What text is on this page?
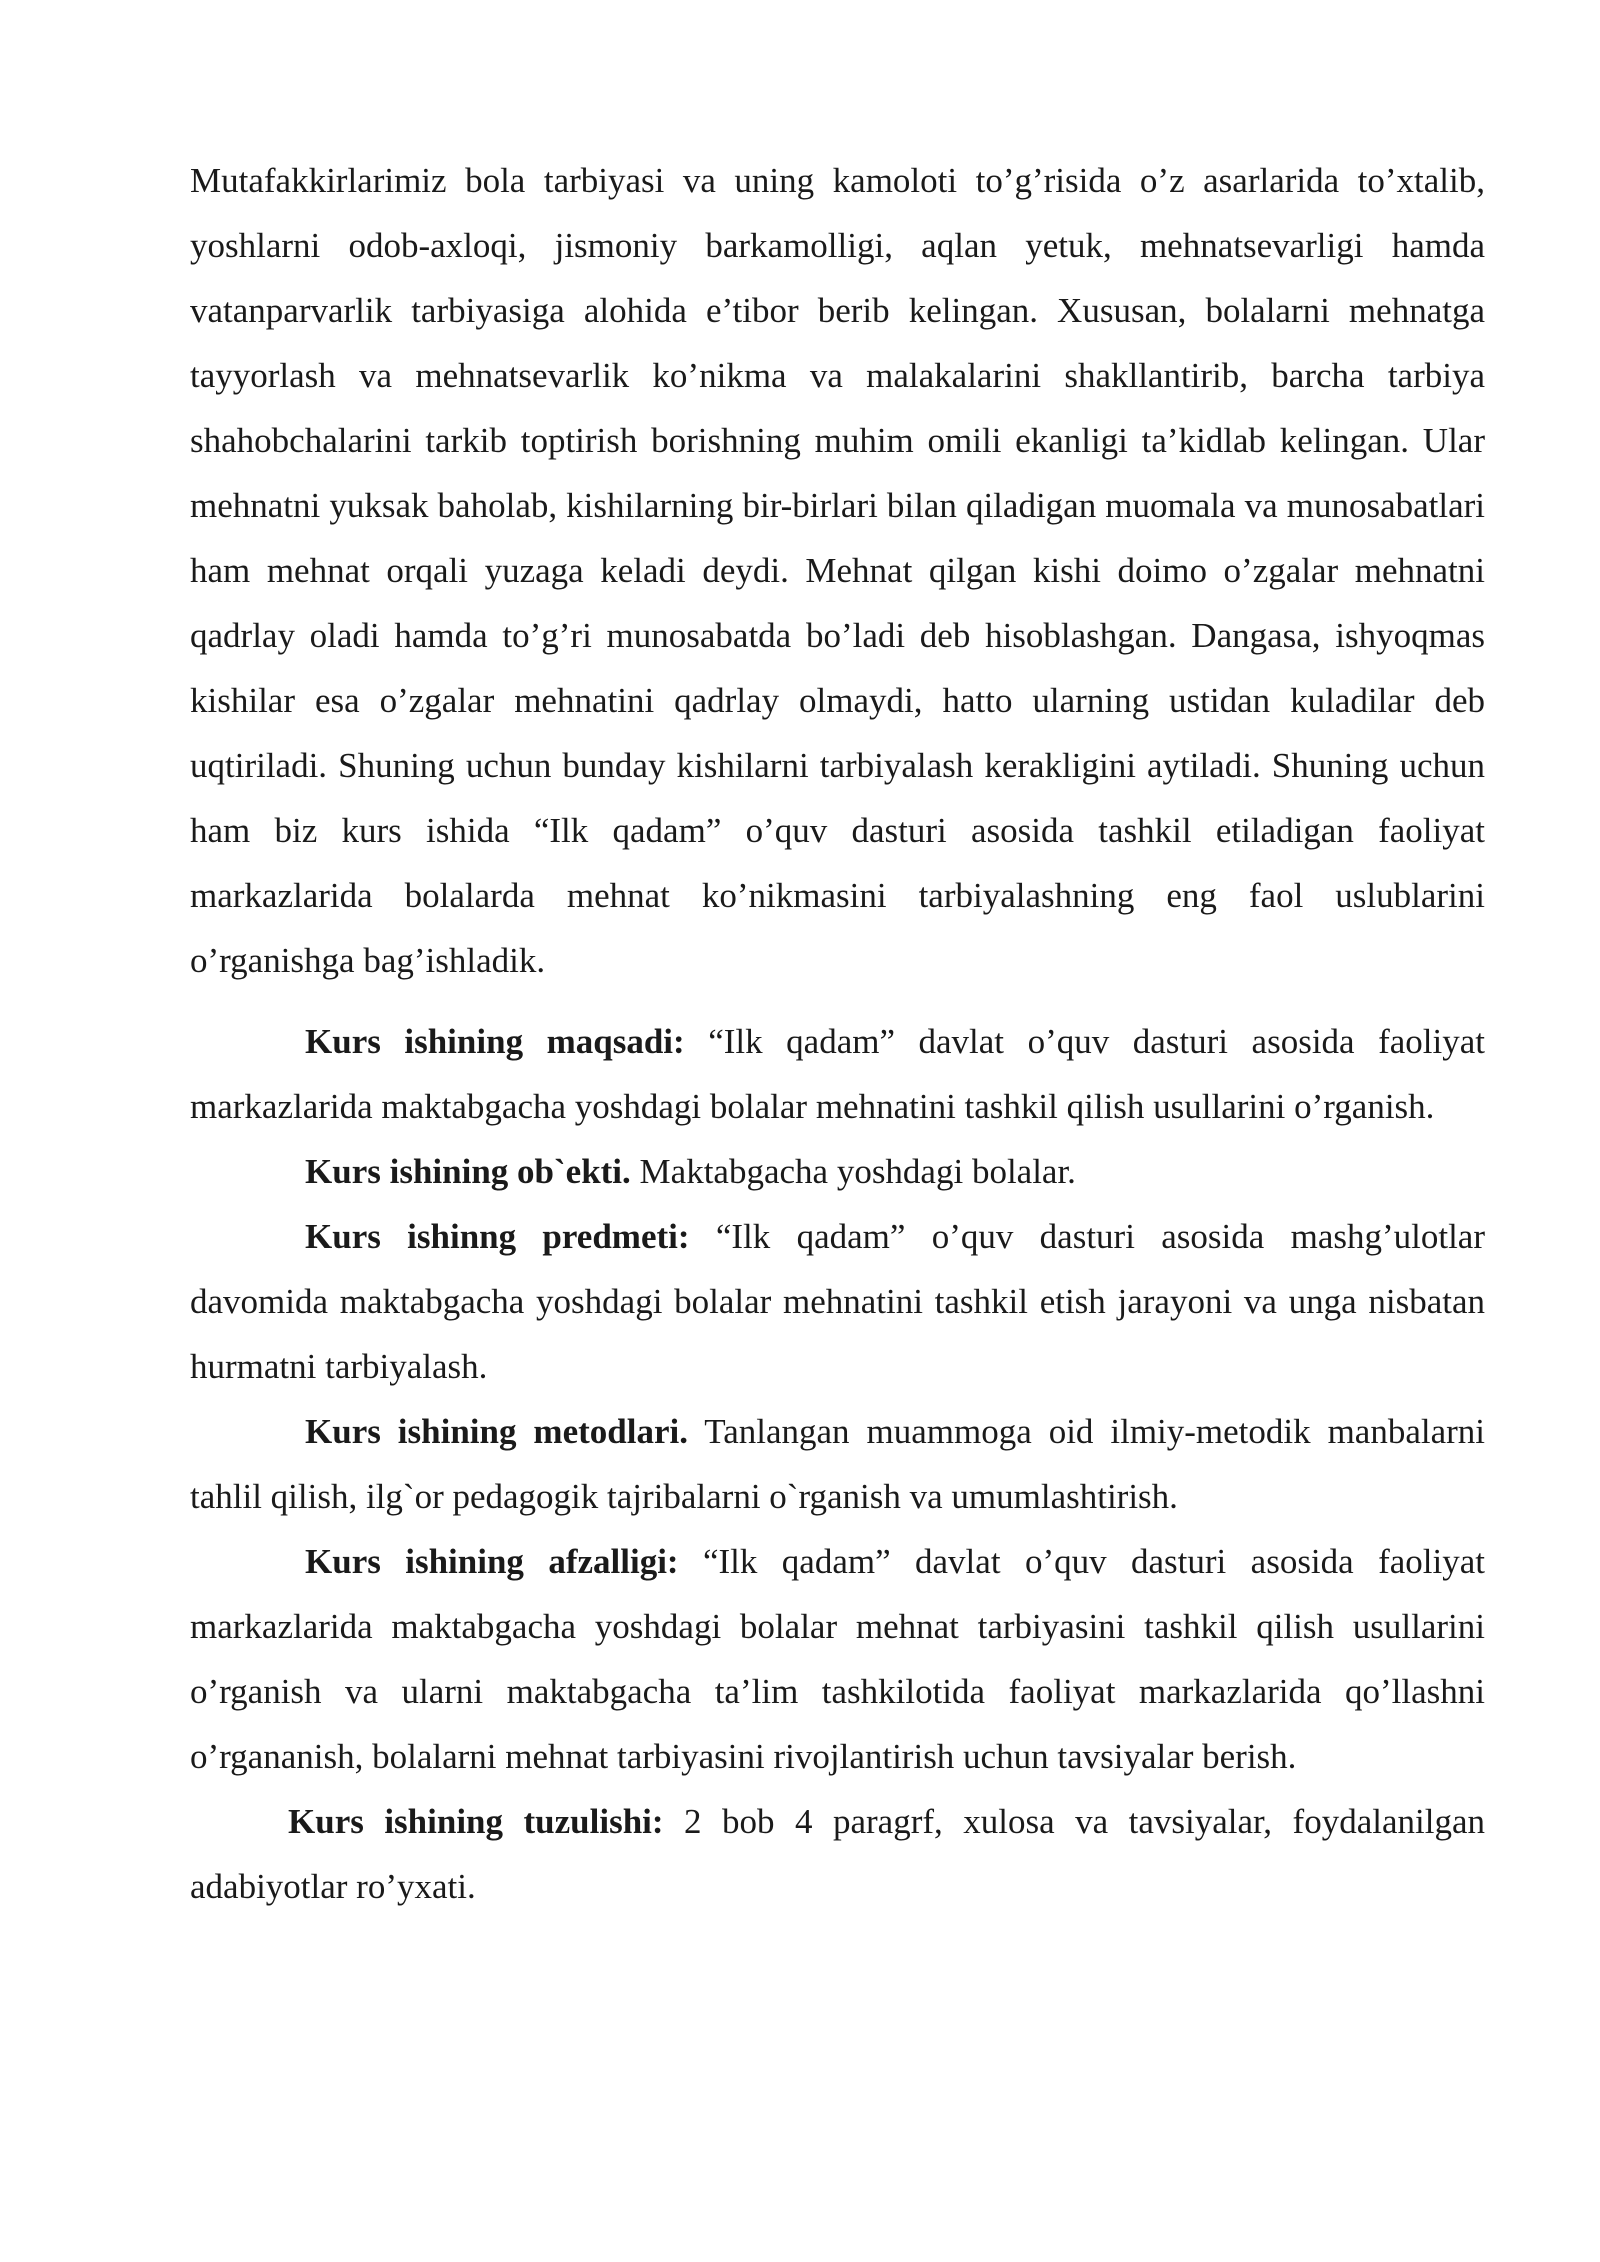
Mutafakkirlarimiz bola tarbiyasi va uning kamoloti to’g’risida o’z asarlarida to’xtalib, yoshlarni odob-axloqi, jismoniy barkamolligi, aqlan yetuk, mehnatsevarligi hamda vatanparvarlik tarbiyasiga alohida e’tibor berib kelingan. Xususan, bolalarni mehnatga tayyorlash va mehnatsevarlik ko’nikma va malakalarini shakllantirib, barcha tarbiya shahobchalarini tarkib toptirish borishning muhim omili ekanligi ta’kidlab kelingan. Ular mehnatni yuksak baholab, kishilarning bir-birlari bilan qiladigan muomala va munosabatlari ham mehnat orqali yuzaga keladi deydi. Mehnat qilgan kishi doimo o’zgalar mehnatni qadrlay oladi hamda to’g’ri munosabatda bo’ladi deb hisoblashgan. Dangasa, ishyoqmas kishilar esa o’zgalar mehnatini qadrlay olmaydi, hatto ularning ustidan kuladilar deb uqtiriladi. Shuning uchun bunday kishilarni tarbiyalash kerakligini aytiladi. Shuning uchun ham biz kurs ishida “Ilk qadam” o’quv dasturi asosida tashkil etiladigan faoliyat markazlarida bolalarda mehnat ko’nikmasini tarbiyalashning eng faol uslublarini o’rganishga bag’ishladik.

Kurs ishining maqsadi: “Ilk qadam” davlat o’quv dasturi asosida faoliyat markazlarida maktabgacha yoshdagi bolalar mehnatini tashkil qilish usullarini o’rganish.

Kurs ishining ob`ekti. Maktabgacha yoshdagi bolalar.

Kurs ishinng predmeti: “Ilk qadam” o’quv dasturi asosida mashg’ulotlar davomida maktabgacha yoshdagi bolalar mehnatini tashkil etish jarayoni va unga nisbatan hurmatni tarbiyalash.

Kurs ishining metodlari. Tanlangan muammoga oid ilmiy-metodik manbalarni tahlil qilish, ilg`or pedagogik tajribalarni o`rganish va umumlashtirish.

Kurs ishining afzalligi: “Ilk qadam” davlat o’quv dasturi asosida faoliyat markazlarida maktabgacha yoshdagi bolalar mehnat tarbiyasini tashkil qilish usullarini o’rganish va ularni maktabgacha ta’lim tashkilotida faoliyat markazlarida qo’llashni o’rgananish, bolalarni mehnat tarbiyasini rivojlantirish uchun tavsiyalar berish.

Kurs ishining tuzulishi: 2 bob 4 paragrf, xulosa va tavsiyalar, foydalanilgan adabiyotlar ro’yxati.
